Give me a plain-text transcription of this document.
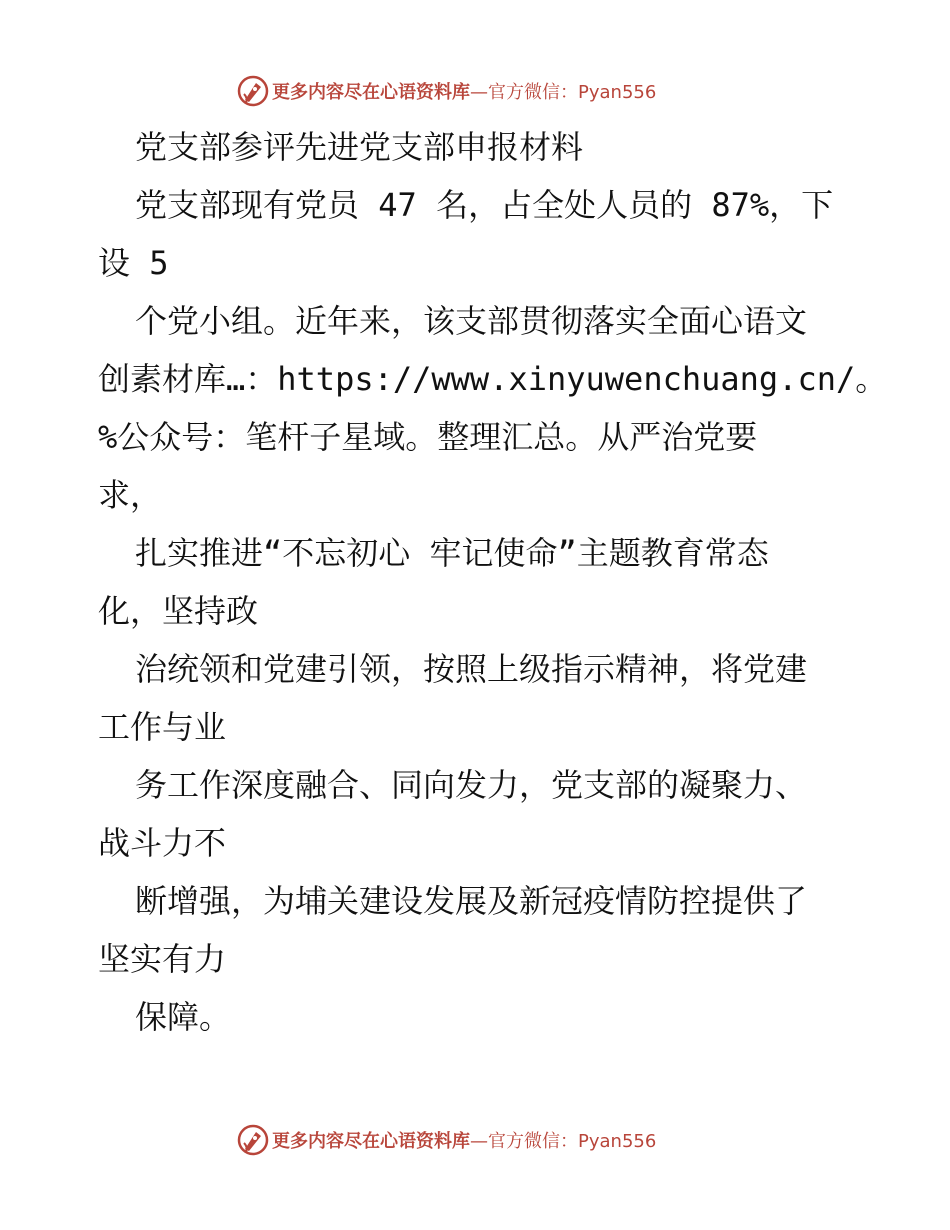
更多内容尽在心语资料库 —官方微信：Pyan556
党支部参评先进党支部申报材料
党支部现有党员 47 名，占全处人员的 87%，下
设 5
个党小组。近年来，该支部贯彻落实全面心语文
创素材库…：https://www.xinyuwenchuang.cn/。
%公众号：笔杆子星域。整理汇总。从严治党要
求，
扎实推进“不忘初心 牢记使命”主题教育常态
化，坚持政
治统领和党建引领，按照上级指示精神，将党建
工作与业
务工作深度融合、同向发力，党支部的凝聚力、
战斗力不
断增强，为埔关建设发展及新冠疫情防控提供了
坚实有力
保障。
更多内容尽在心语资料库 —官方微信：Pyan556
